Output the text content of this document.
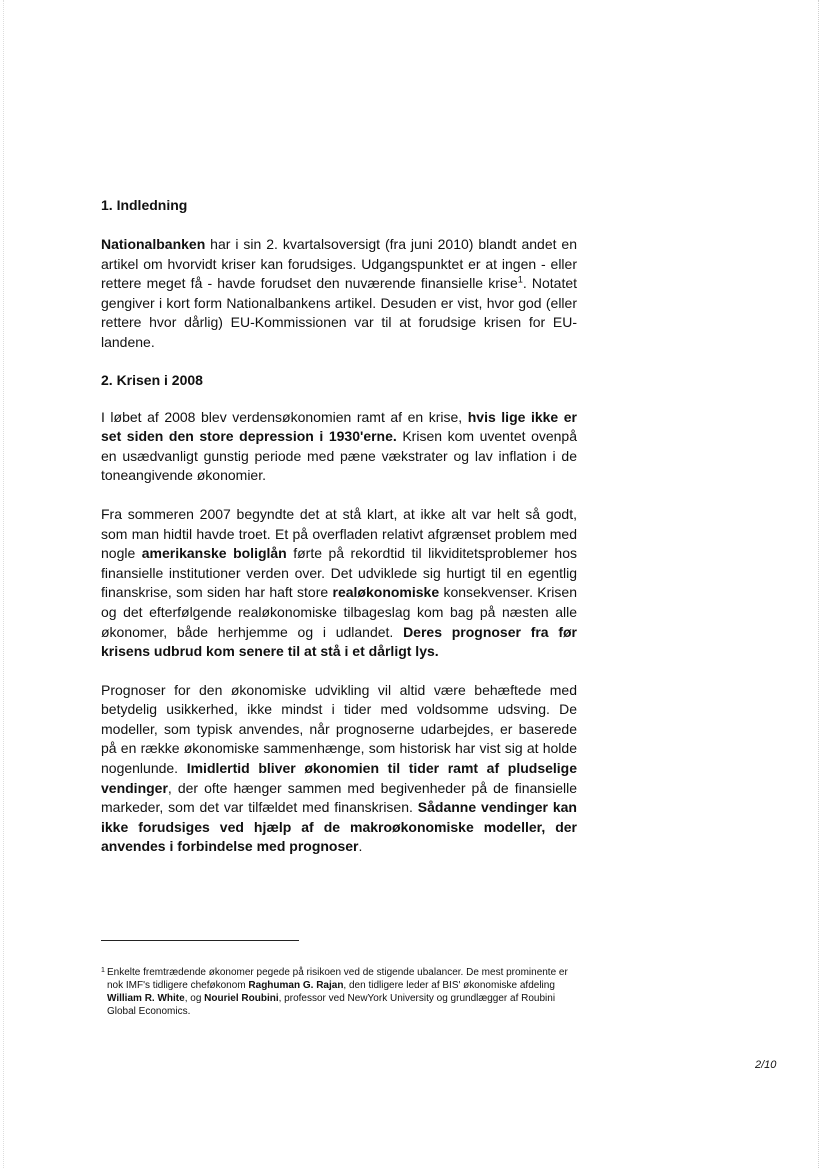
1. Indledning

Nationalbanken har i sin 2. kvartalsoversigt (fra juni 2010) blandt andet en artikel om hvorvidt kriser kan forudsiges. Udgangspunktet er at ingen - eller rettere meget få - havde forudset den nuværende finansielle krise$^1$. Notatet gengiver i kort form Nationalbankens artikel. Desuden er vist, hvor god (eller rettere hvor dårlig) EU-Kommissionen var til at forudsige krisen for EU-landene.

2. Krisen i 2008

I løbet af 2008 blev verdensøkonomien ramt af en krise, hvis lige ikke er set siden den store depression i 1930'erne. Krisen kom uventet ovenpå en usædvanligt gunstig periode med pæne vækstrater og lav inflation i de toneangivende økonomier.

Fra sommeren 2007 begyndte det at stå klart, at ikke alt var helt så godt, som man hidtil havde troet. Et på overfladen relativt afgrænset problem med nogle amerikanske boliglån førte på rekordtid til likviditetsproblemer hos finansielle institutioner verden over. Det udviklede sig hurtigt til en egentlig finanskrise, som siden har haft store realøkonomiske konsekvenser. Krisen og det efterfølgende realøkonomiske tilbageslag kom bag på næsten alle økonomer, både herhjemme og i udlandet. Deres prognoser fra før krisens udbrud kom senere til at stå i et dårligt lys.

Prognoser for den økonomiske udvikling vil altid være behæftede med betydelig usikkerhed, ikke mindst i tider med voldsomme udsving. De modeller, som typisk anvendes, når prognoserne udarbejdes, er baserede på en række økonomiske sammenhænge, som historisk har vist sig at holde nogenlunde. Imidlertid bliver økonomien til tider ramt af pludselige vendinger, der ofte hænger sammen med begivenheder på de finansielle markeder, som det var tilfældet med finanskrisen. Sådanne vendinger kan ikke forudsiges ved hjælp af de makroøkonomiske modeller, der anvendes i forbindelse med prognoser.

1 Enkelte fremtrædende økonomer pegede på risikoen ved de stigende ubalancer. De mest prominente er nok IMF's tidligere cheføkonom Raghuman G. Rajan, den tidligere leder af BIS' økonomiske afdeling William R. White, og Nouriel Roubini, professor ved NewYork University og grundlægger af Roubini Global Economics.
2/10
